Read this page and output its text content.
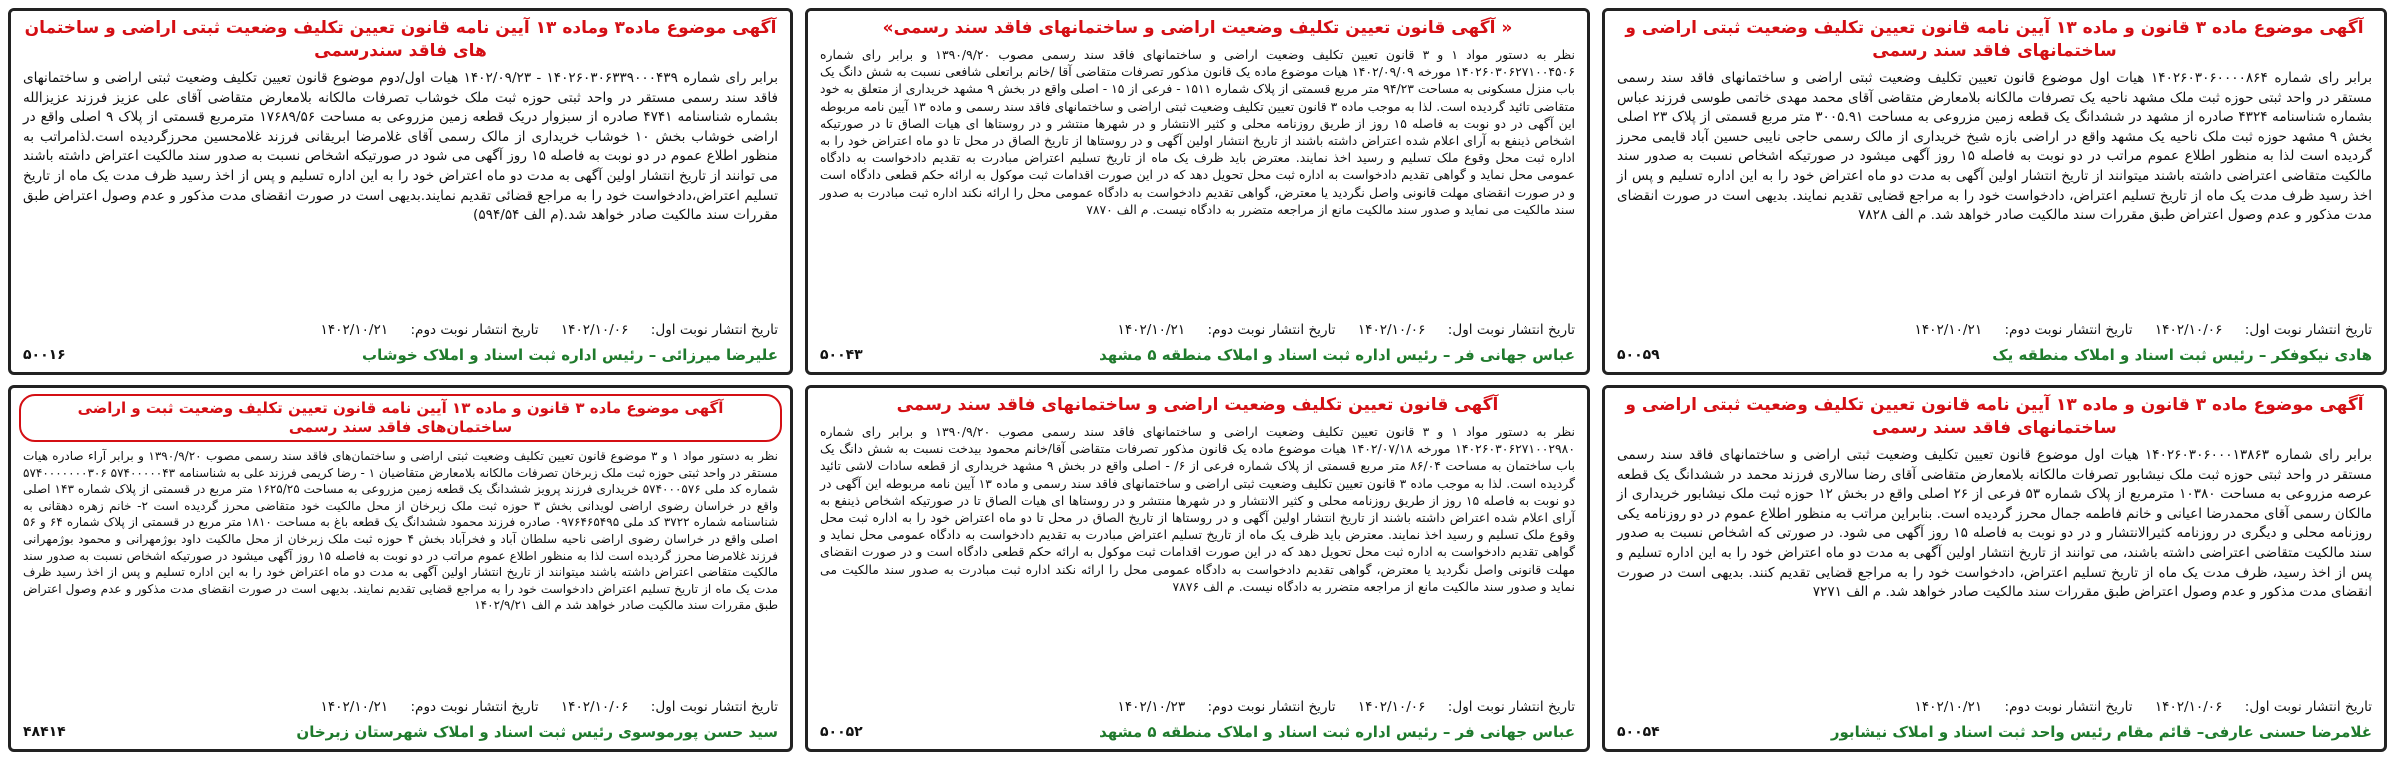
آگهی موضوع ماده ۳ قانون و ماده ۱۳ آیین نامه قانون تعیین تکلیف وضعیت ثبتی اراضی و ساختمانهای فاقد سند رسمی
برابر رای شماره ۱۴۰۲۶۰۳۰۶۰۰۰۰۸۶۴ هیات اول موضوع قانون تعیین تکلیف وضعیت ثبتی اراضی و ساختمانهای فاقد سند رسمی مستقر در واحد ثبتی حوزه ثبت ملک مشهد ناحیه یک تصرفات مالکانه بلامعارض متقاضی آقای محمد مهدی خاتمی طوسی فرزند عباس بشماره شناسنامه ۴۳۲۴ صادره از مشهد در ششدانگ یک قطعه زمین مزروعی به مساحت ۳۰۰۵.۹۱ متر مربع قسمتی از پلاک ۲۳ اصلی بخش ۹ مشهد حوزه ثبت ملک ناحیه یک مشهد واقع در اراضی بازه شیخ خریداری از مالک رسمی حاجی نایبی حسین آباد قایمی محرز گردیده است لذا به منظور اطلاع عموم مراتب در دو نوبت به فاصله ۱۵ روز آگهی میشود در صورتیکه اشخاص نسبت به صدور سند مالکیت متقاضی اعتراضی داشته باشند میتوانند از تاریخ انتشار اولین آگهی به مدت دو ماه اعتراض خود را به این اداره تسلیم و پس از اخذ رسید ظرف مدت یک ماه از تاریخ تسلیم اعتراض، دادخواست خود را به مراجع قضایی تقدیم نمایند. بدیهی است در صورت انقضای مدت مذکور و عدم وصول اعتراض طبق مقررات سند مالکیت صادر خواهد شد. م الف ۷۸۲۸
تاریخ انتشار نوبت اول: ۱۴۰۲/۱۰/۰۶ تاریخ انتشار نوبت دوم: ۱۴۰۲/۱۰/۲۱
هادی نیکوفکر – رئیس ثبت اسناد و املاک منطقه یک
۵۰۰۵۹
« آگهی قانون تعیین تکلیف وضعیت اراضی و ساختمانهای فاقد سند رسمی»
نظر به دستور مواد ۱ و ۳ قانون تعیین تکلیف وضعیت اراضی و ساختمانهای فاقد سند رسمی مصوب ۱۳۹۰/۹/۲۰ و برابر رای شماره ۱۴۰۲۶۰۳۰۶۲۷۱۰۰۴۵۰۶ مورخه ۱۴۰۲/۰۹/۰۹ هیات موضوع ماده یک قانون مذکور تصرفات متقاضی آقا /خانم براتعلی شافعی نسبت به شش دانگ یک باب منزل مسکونی به مساحت ۹۴/۲۳ متر مربع قسمتی از پلاک شماره ۱۵۱۱ - فرعی از ۱۵ - اصلی واقع در بخش ۹ مشهد خریداری از متعلق به خود متقاضی تائید گردیده است. لذا به موجب ماده ۳ قانون تعیین تکلیف وضعیت ثبتی اراضی و ساختمانهای فاقد سند رسمی و ماده ۱۳ آیین نامه مربوطه این آگهی در دو نوبت به فاصله ۱۵ روز از طریق روزنامه محلی و کثیر الانتشار و در شهرها منتشر و در روستاها ای هیات الصاق تا در صورتیکه اشخاص ذینفع به آرای اعلام شده اعتراض داشته باشند از تاریخ انتشار اولین آگهی و در روستاها از تاریخ الصاق در محل تا دو ماه اعتراض خود را به اداره ثبت محل وقوع ملک تسلیم و رسید اخذ نمایند. معترض باید ظرف یک ماه از تاریخ تسلیم اعتراض مبادرت به تقدیم دادخواست به دادگاه عمومی محل نماید و گواهی تقدیم دادخواست به اداره ثبت محل تحویل دهد که در این صورت اقدامات ثبت موکول به ارائه حکم قطعی دادگاه است و در صورت انقضای مهلت قانونی واصل نگردید یا معترض، گواهی تقدیم دادخواست به دادگاه عمومی محل را ارائه نکند اداره ثبت مبادرت به صدور سند مالکیت می نماید و صدور سند مالکیت مانع از مراجعه متضرر به دادگاه نیست. م الف ۷۸۷۰
تاریخ انتشار نوبت اول: ۱۴۰۲/۱۰/۰۶ تاریخ انتشار نوبت دوم: ۱۴۰۲/۱۰/۲۱
عباس جهانی فر – رئیس اداره ثبت اسناد و املاک منطقه ۵ مشهد
۵۰۰۴۳
آگهی موضوع ماده۳ وماده ۱۳ آیین نامه قانون تعیین تکلیف وضعیت ثبتی اراضی و ساختمان های فاقد سندرسمی
برابر رای شماره ۱۴۰۲۶۰۳۰۶۳۳۹۰۰۰۴۳۹ - ۱۴۰۲/۰۹/۲۳ هیات اول/دوم موضوع قانون تعیین تکلیف وضعیت ثبتی اراضی و ساختمانهای فاقد سند رسمی مستقر در واحد ثبتی حوزه ثبت ملک خوشاب تصرفات مالکانه بلامعارض متقاضی آقای علی عزیز فرزند عزیزالله بشماره شناسنامه ۴۷۴۱ صادره از سبزوار دریک قطعه زمین مزروعی به مساحت ۱۷۶۸۹/۵۶ مترمربع قسمتی از پلاک ۹ اصلی واقع در اراضی خوشاب بخش ۱۰ خوشاب خریداری از مالک رسمی آقای غلامرضا ابریقانی فرزند غلامحسین محرزگردیده است.لذامراتب به منظور اطلاع عموم در دو نوبت به فاصله ۱۵ روز آگهی می شود در صورتیکه اشخاص نسبت به صدور سند مالکیت اعتراض داشته باشند می توانند از تاریخ انتشار اولین آگهی به مدت دو ماه اعتراض خود را به این اداره تسلیم و پس از اخذ رسید ظرف مدت یک ماه از تاریخ تسلیم اعتراض،دادخواست خود را به مراجع قضائی تقدیم نمایند.بدیهی است در صورت انقضای مدت مذکور و عدم وصول اعتراض طبق مقررات سند مالکیت صادر خواهد شد.(م الف ۵۹۴/۵۴)
تاریخ انتشار نوبت اول: ۱۴۰۲/۱۰/۰۶ تاریخ انتشار نوبت دوم: ۱۴۰۲/۱۰/۲۱
علیرضا میرزائی – رئیس اداره ثبت اسناد و املاک خوشاب
۵۰۰۱۶
آگهی موضوع ماده ۳ قانون و ماده ۱۳ آیین نامه قانون تعیین تکلیف وضعیت ثبتی اراضی و ساختمانهای فاقد سند رسمی
برابر رای شماره ۱۴۰۲۶۰۳۰۶۰۰۰۱۳۸۶۳ هیات اول موضوع قانون تعیین تکلیف وضعیت ثبتی اراضی و ساختمانهای فاقد سند رسمی مستقر در واحد ثبتی حوزه ثبت ملک نیشابور تصرفات مالکانه بلامعارض متقاضی آقای رضا سالاری فرزند محمد در ششدانگ یک قطعه عرصه مزروعی به مساحت ۱۰۳۸۰ مترمربع از پلاک شماره ۵۳ فرعی از ۲۶ اصلی واقع در بخش ۱۲ حوزه ثبت ملک نیشابور خریداری از مالکان رسمی آقای محمدرضا اعیانی و خانم فاطمه جمال محرز گردیده است. بنابراین مراتب به منظور اطلاع عموم در دو روزنامه یکی روزنامه محلی و دیگری در روزنامه کثیرالانتشار و در دو نوبت به فاصله ۱۵ روز آگهی می شود. در صورتی که اشخاص نسبت به صدور سند مالکیت متقاضی اعتراضی داشته باشند، می توانند از تاریخ انتشار اولین آگهی به مدت دو ماه اعتراض خود را به این اداره تسلیم و پس از اخذ رسید، ظرف مدت یک ماه از تاریخ تسلیم اعتراض، دادخواست خود را به مراجع قضایی تقدیم کنند. بدیهی است در صورت انقضای مدت مذکور و عدم وصول اعتراض طبق مقررات سند مالکیت صادر خواهد شد. م الف ۷۲۷۱
تاریخ انتشار نوبت اول: ۱۴۰۲/۱۰/۰۶ تاریخ انتشار نوبت دوم: ۱۴۰۲/۱۰/۲۱
غلامرضا حسنی عارفی– قائم مقام رئیس واحد ثبت اسناد و املاک نیشابور
۵۰۰۵۴
آگهی قانون تعیین تکلیف وضعیت اراضی و ساختمانهای فاقد سند رسمی
نظر به دستور مواد ۱ و ۳ قانون تعیین تکلیف وضعیت اراضی و ساختمانهای فاقد سند رسمی مصوب ۱۳۹۰/۹/۲۰ و برابر رای شماره ۱۴۰۲۶۰۳۰۶۲۷۱۰۰۲۹۸۰ مورخه ۱۴۰۲/۰۷/۱۸ هیات موضوع ماده یک قانون مذکور تصرفات متقاضی آقا/خانم محمود بیدخت نسبت به شش دانگ یک باب ساختمان به مساحت ۸۶/۰۴ متر مربع قسمتی از پلاک شماره فرعی از ۶/ - اصلی واقع در بخش ۹ مشهد خریداری از قطعه سادات لاشی تائید گردیده است. لذا به موجب ماده ۳ قانون تعیین تکلیف وضعیت ثبتی اراضی و ساختمانهای فاقد سند رسمی و ماده ۱۳ آیین نامه مربوطه این آگهی در دو نوبت به فاصله ۱۵ روز از طریق روزنامه محلی و کثیر الانتشار و در شهرها منتشر و در روستاها ای هیات الصاق تا در صورتیکه اشخاص ذینفع به آرای اعلام شده اعتراض داشته باشند از تاریخ انتشار اولین آگهی و در روستاها از تاریخ الصاق در محل تا دو ماه اعتراض خود را به اداره ثبت محل وقوع ملک تسلیم و رسید اخذ نمایند. معترض باید ظرف یک ماه از تاریخ تسلیم اعتراض مبادرت به تقدیم دادخواست به دادگاه عمومی محل نماید و گواهی تقدیم دادخواست به اداره ثبت محل تحویل دهد که در این صورت اقدامات ثبت موکول به ارائه حکم قطعی دادگاه است و در صورت انقضای مهلت قانونی واصل نگردید یا معترض، گواهی تقدیم دادخواست به دادگاه عمومی محل را ارائه نکند اداره ثبت مبادرت به صدور سند مالکیت می نماید و صدور سند مالکیت مانع از مراجعه متضرر به دادگاه نیست. م الف ۷۸۷۶
تاریخ انتشار نوبت اول: ۱۴۰۲/۱۰/۰۶ تاریخ انتشار نوبت دوم: ۱۴۰۲/۱۰/۲۳
عباس جهانی فر – رئیس اداره ثبت اسناد و املاک منطقه ۵ مشهد
۵۰۰۵۲
آگهی موضوع ماده ۳ قانون و ماده ۱۳ آیین نامه قانون تعیین تکلیف وضعیت ثبت و اراضی ساختمان‌های فاقد سند رسمی
نظر به دستور مواد ۱ و ۳ موضوع قانون تعیین تکلیف وضعیت ثبتی اراضی و ساختمان‌های فاقد سند رسمی مصوب ۱۳۹۰/۹/۲۰ و برابر آراء صادره هیات مستقر در واحد ثبتی حوزه ثبت ملک زبرخان تصرفات مالکانه بلامعارض متقاضیان ۱ - رضا کریمی فرزند علی به شناسنامه ۵۷۴۰۰۰۰۰۴۳ ۵۷۴۰۰۰۰۰۰۰۳۰۶ شماره کد ملی ۵۷۴۰۰۰۵۷۶ خریداری فرزند پرویز ششدانگ یک قطعه زمین مزروعی به مساحت ۱۶۲۵/۲۵ متر مربع در قسمتی از پلاک شماره ۱۴۳ اصلی واقع در خراسان رضوی اراضی لویدانی بخش ۳ حوزه ثبت ملک زبرخان از محل مالکیت خود متقاضی محرز گردیده است ۲- خانم زهره دهقانی به شناسنامه شماره ۳۷۲۲ کد ملی ۰۹۷۶۴۶۵۴۹۵ صادره فرزند محمود ششدانگ یک قطعه باغ به مساحت ۱۸۱۰ متر مربع در قسمتی از پلاک شماره ۶۴ و ۵۶ اصلی واقع در خراسان رضوی اراضی ناحیه سلطان آباد و فخرآباد بخش ۴ حوزه ثبت ملک زبرخان از محل مالکیت داود بوژمهرانی و محمود بوژمهرانی فرزند غلامرضا محرز گردیده است لذا به منظور اطلاع عموم مراتب در دو نوبت به فاصله ۱۵ روز آگهی میشود در صورتیکه اشخاص نسبت به صدور سند مالکیت متقاضی اعتراض داشته باشند میتوانند از تاریخ انتشار اولین آگهی به مدت دو ماه اعتراض خود را به این اداره تسلیم و پس از اخذ رسید ظرف مدت یک ماه از تاریخ تسلیم اعتراض دادخواست خود را به مراجع قضایی تقدیم نمایند. بدیهی است در صورت انقضای مدت مذکور و عدم وصول اعتراض طبق مقررات سند مالکیت صادر خواهد شد م الف ۱۴۰۲/۹/۲۱
تاریخ انتشار نوبت اول: ۱۴۰۲/۱۰/۰۶ تاریخ انتشار نوبت دوم: ۱۴۰۲/۱۰/۲۱
سید حسن پورموسوی رئیس ثبت اسناد و املاک شهرستان زبرخان
۴۸۴۱۴
